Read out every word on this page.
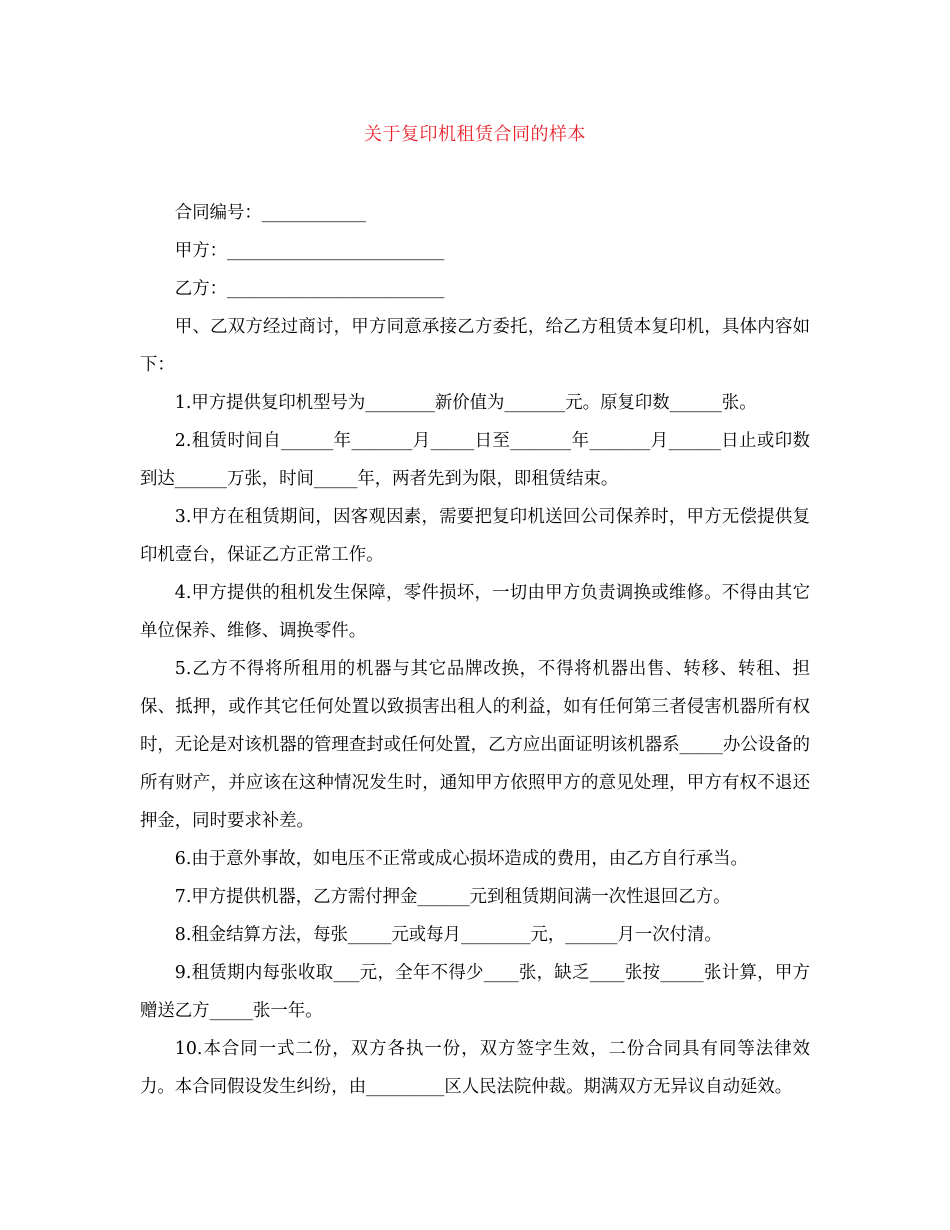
关于复印机租赁合同的样本

合同编号：____________

甲方：_________________________

乙方：_________________________

甲、乙双方经过商讨，甲方同意承接乙方委托，给乙方租赁本复印机，具体内容如下：

1.甲方提供复印机型号为________新价值为_______元。原复印数______张。

2.租赁时间自______年_______月_____日至_______年_______月______日止或印数到达______万张，时间_____年，两者先到为限，即租赁结束。

3.甲方在租赁期间，因客观因素，需要把复印机送回公司保养时，甲方无偿提供复印机壹台，保证乙方正常工作。

4.甲方提供的租机发生保障，零件损坏，一切由甲方负责调换或维修。不得由其它单位保养、维修、调换零件。

5.乙方不得将所租用的机器与其它品牌改换，不得将机器出售、转移、转租、担保、抵押，或作其它任何处置以致损害出租人的利益，如有任何第三者侵害机器所有权时，无论是对该机器的管理查封或任何处置，乙方应出面证明该机器系_____办公设备的所有财产，并应该在这种情况发生时，通知甲方依照甲方的意见处理，甲方有权不退还押金，同时要求补差。

6.由于意外事故，如电压不正常或成心损坏造成的费用，由乙方自行承当。

7.甲方提供机器，乙方需付押金______元到租赁期间满一次性退回乙方。

8.租金结算方法，每张_____元或每月________元，______月一次付清。

9.租赁期内每张收取___元，全年不得少____张，缺乏____张按_____张计算，甲方赠送乙方_____张一年。

10.本合同一式二份，双方各执一份，双方签字生效，二份合同具有同等法律效力。本合同假设发生纠纷，由_________区人民法院仲裁。期满双方无异议自动延效。
